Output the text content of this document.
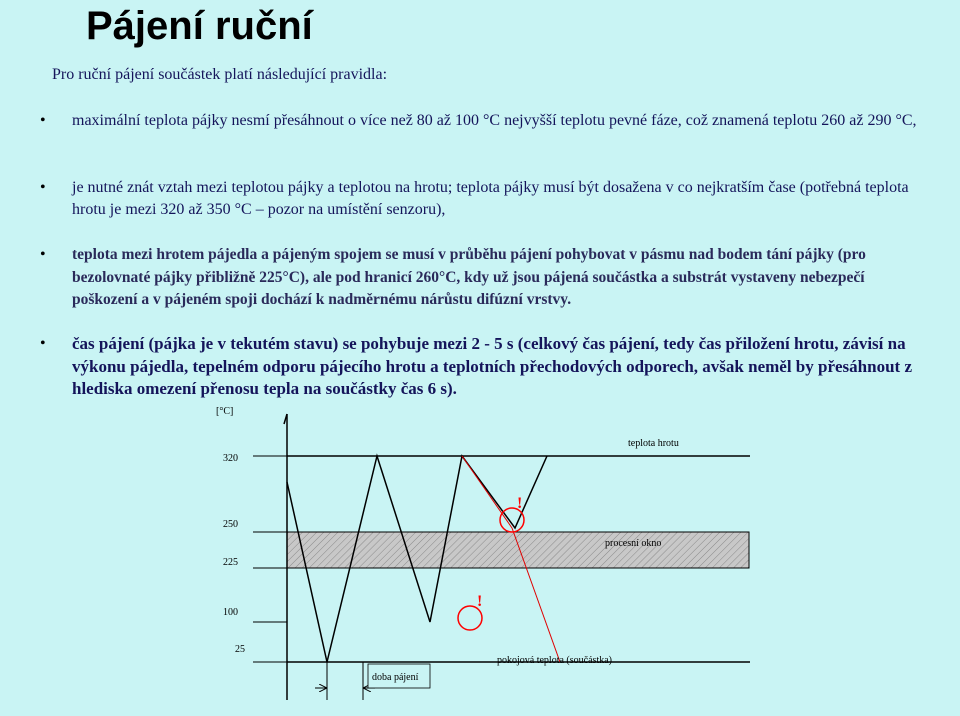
Pájení ruční
Pro ruční pájení součástek platí následující pravidla:
• maximální teplota pájky nesmí přesáhnout o více než 80 až 100 °C nejvyšší teplotu pevné fáze, což znamená teplotu 260 až 290 °C,
• je nutné znát vztah mezi teplotou pájky a teplotou na hrotu; teplota pájky musí být dosažena v co nejkratším čase (potřebná teplota hrotu je mezi 320 až 350 °C – pozor na umístění senzoru),
• teplota mezi hrotem pájedla a pájeným spojem se musí v průběhu pájení pohybovat v pásmu nad bodem tání pájky (pro bezolovnaté pájky přibližně 225°C), ale pod hranicí 260°C, kdy už jsou pájená součástka a substrát vystaveny nebezpečí poškození a v pájeném spoji dochází k nadměrnému nárůstu difúzní vrstvy.
• čas pájení (pájka je v tekutém stavu) se pohybuje mezi 2 - 5 s (celkový čas pájení, tedy čas přiložení hrotu, závisí na výkonu pájedla, tepelném odporu pájecího hrotu a teplotních přechodových odporech, avšak neměl by přesáhnout z hlediska omezení přenosu tepla na součástky čas 6 s).
!
!
[°C]
320
250
225
100
25
teplota hrotu
procesní okno
doba pájení
pokojová teplota (součástka)
